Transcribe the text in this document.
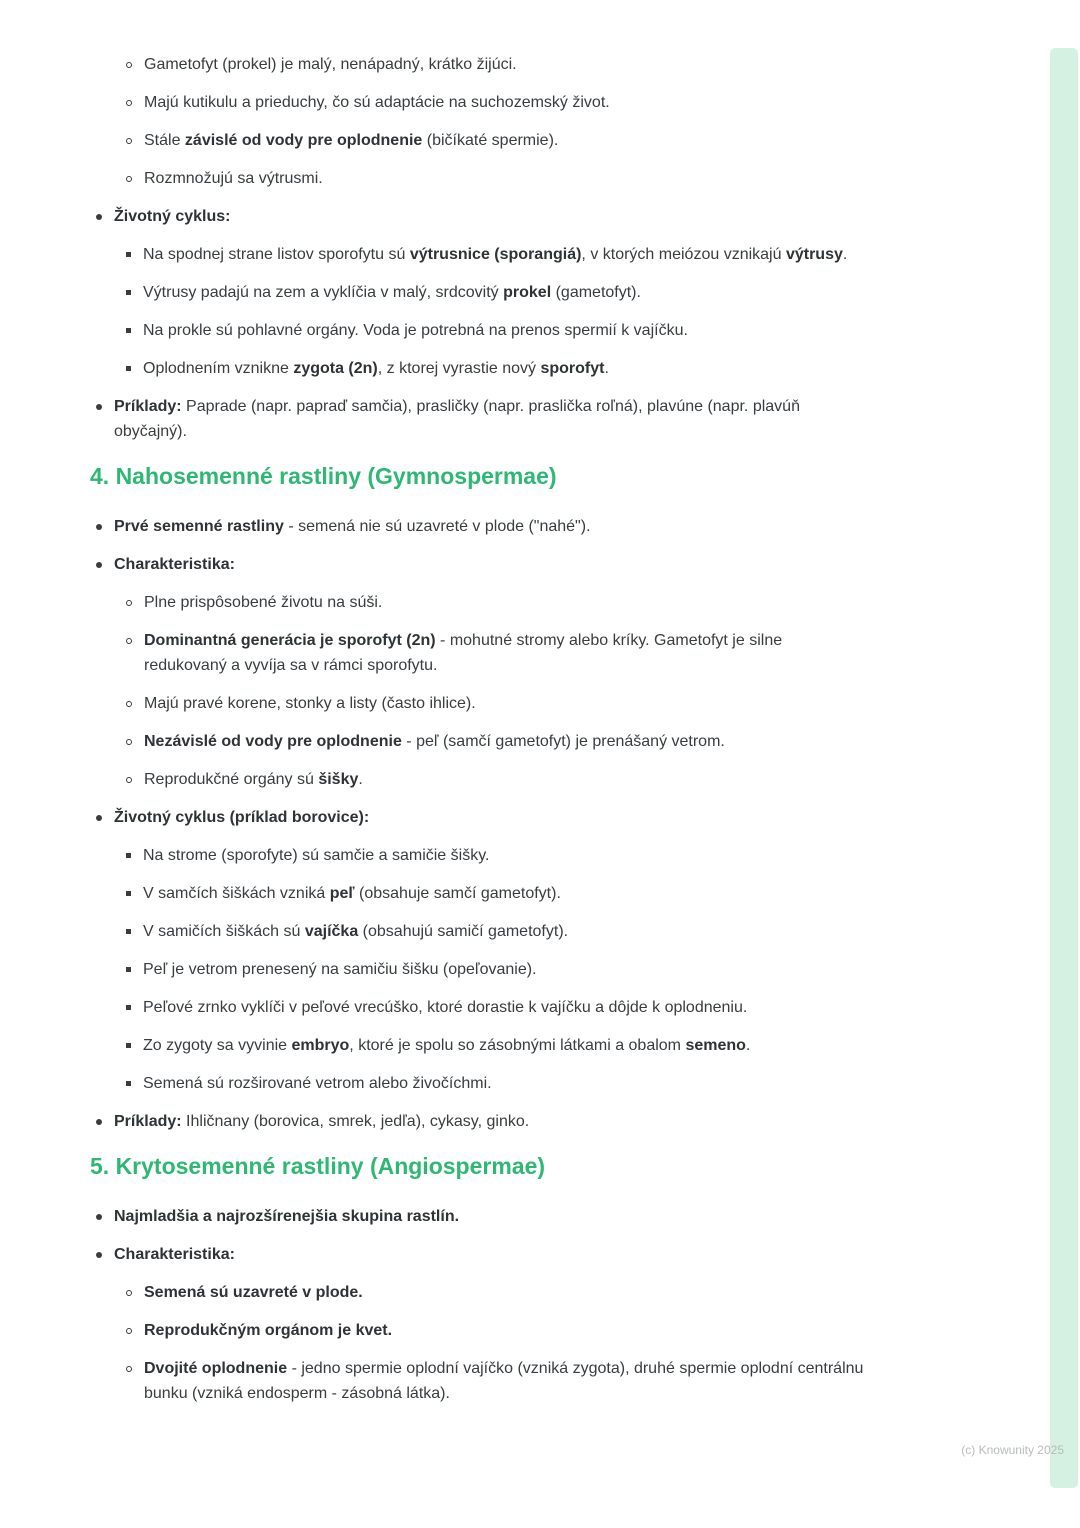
Gametofyt (prokel) je malý, nenápadný, krátko žijúci.
Majú kutikulu a prieduchy, čo sú adaptácie na suchozemský život.
Stále závislé od vody pre oplodnenie (bičíkaté spermie).
Rozmnožujú sa výtrusmi.
Životný cyklus:
Na spodnej strane listov sporofytu sú výtrusnice (sporangiá), v ktorých meiózou vznikajú výtrusy.
Výtrusy padajú na zem a vyklíčia v malý, srdcovitý prokel (gametofyt).
Na prokle sú pohlavné orgány. Voda je potrebná na prenos spermií k vajíčku.
Oplodnením vznikne zygota (2n), z ktorej vyrastie nový sporofyt.
Príklady: Paprade (napr. papraď samčia), prasličky (napr. praslička roľná), plavúne (napr. plavúň obyčajný).
4. Nahosemenné rastliny (Gymnospermae)
Prvé semenné rastliny - semená nie sú uzavreté v plode ("nahé").
Charakteristika:
Plne prispôsobené životu na súši.
Dominantná generácia je sporofyt (2n) - mohutné stromy alebo kríky. Gametofyt je silne redukovaný a vyvíja sa v rámci sporofytu.
Majú pravé korene, stonky a listy (často ihlice).
Nezávislé od vody pre oplodnenie - peľ (samčí gametofyt) je prenášaný vetrom.
Reprodukčné orgány sú šišky.
Životný cyklus (príklad borovice):
Na strome (sporofyte) sú samčie a samičie šišky.
V samčích šiškách vzniká peľ (obsahuje samčí gametofyt).
V samičích šiškách sú vajíčka (obsahujú samičí gametofyt).
Peľ je vetrom prenesený na samičiu šišku (opeľovanie).
Peľové zrnko vyklíči v peľové vrecúško, ktoré dorastie k vajíčku a dôjde k oplodneniu.
Zo zygoty sa vyvinie embryo, ktoré je spolu so zásobnými látkami a obalom semeno.
Semená sú rozširované vetrom alebo živočíchmi.
Príklady: Ihličnany (borovica, smrek, jedľa), cykasy, ginko.
5. Krytosemenné rastliny (Angiospermae)
Najmladšia a najrozšírenejšia skupina rastlín.
Charakteristika:
Semená sú uzavreté v plode.
Reprodukčným orgánom je kvet.
Dvojité oplodnenie - jedno spermie oplodní vajíčko (vzniká zygota), druhé spermie oplodní centrálnu bunku (vzniká endosperm - zásobná látka).
(c) Knowunity 2025
